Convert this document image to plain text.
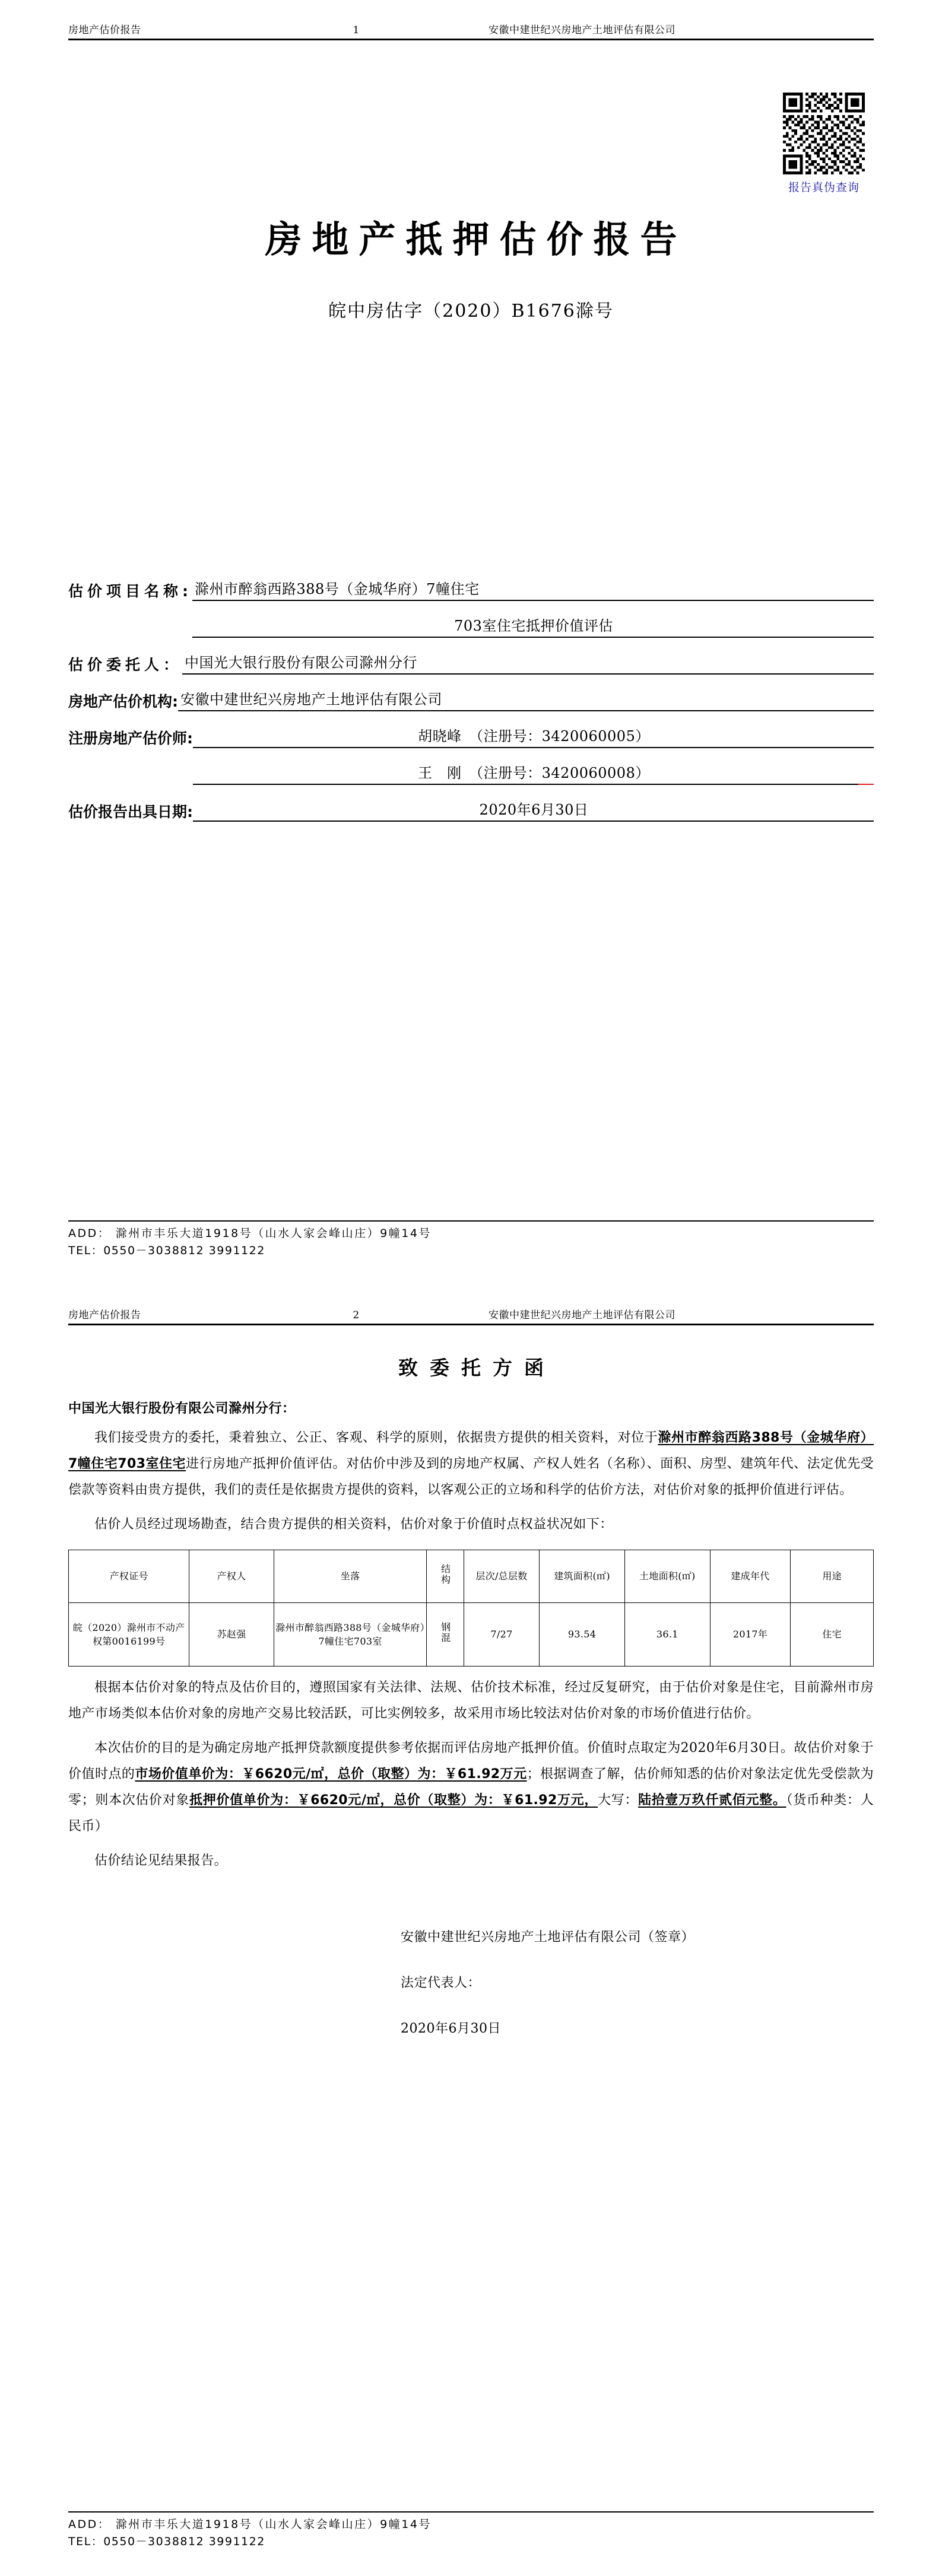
房地产估价报告	1	安徽中建世纪兴房地产土地评估有限公司
报告真伪查询
房地产抵押估价报告
皖中房估字（2020）B1676滁号
估价项目名称: 滁州市醉翁西路388号（金城华府）7幢住宅
703室住宅抵押价值评估
估价委托人： 中国光大银行股份有限公司滁州分行
房地产估价机构: 安徽中建世纪兴房地产土地评估有限公司
注册房地产估价师:	胡晓峰　（注册号：3420060005）
王　刚　（注册号：3420060008）
估价报告出具日期:	2020年6月30日
ADD： 滁州市丰乐大道1918号（山水人家会峰山庄）9幢14号
TEL：0550－3038812 3991122
房地产估价报告	2	安徽中建世纪兴房地产土地评估有限公司
致委托方函
中国光大银行股份有限公司滁州分行：

我们接受贵方的委托，秉着独立、公正、客观、科学的原则，依据贵方提供的相关资料，对位于滁州市醉翁西路388号（金城华府）7幢住宅703室住宅进行房地产抵押价值评估。对估价中涉及到的房地产权属、产权人姓名（名称）、面积、房型、建筑年代、法定优先受偿款等资料由贵方提供，我们的责任是依据贵方提供的资料，以客观公正的立场和科学的估价方法，对估价对象的抵押价值进行评估。

估价人员经过现场勘查，结合贵方提供的相关资料，估价对象于价值时点权益状况如下：

产权证号	产权人	坐落	结构	层次/总层数	建筑面积(㎡)	土地面积(㎡)	建成年代	用途
皖（2020）滁州市不动产权第0016199号	苏赵强	滁州市醉翁西路388号（金城华府）7幢住宅703室	钢混	7/27	93.54	36.1	2017年	住宅

根据本估价对象的特点及估价目的，遵照国家有关法律、法规、估价技术标准，经过反复研究，由于估价对象是住宅，目前滁州市房地产市场类似本估价对象的房地产交易比较活跃，可比实例较多，故采用市场比较法对估价对象的市场价值进行估价。

本次估价的目的是为确定房地产抵押贷款额度提供参考依据而评估房地产抵押价值。价值时点取定为2020年6月30日。故估价对象于价值时点的市场价值单价为：￥6620元/㎡，总价（取整）为：￥61.92万元；根据调查了解，估价师知悉的估价对象法定优先受偿款为零；则本次估价对象抵押价值单价为：￥6620元/㎡，总价（取整）为：￥61.92万元，大写：陆拾壹万玖仟贰佰元整。（货币种类：人民币）

估价结论见结果报告。

安徽中建世纪兴房地产土地评估有限公司（签章）
法定代表人：
2020年6月30日
ADD： 滁州市丰乐大道1918号（山水人家会峰山庄）9幢14号
TEL：0550－3038812 3991122
